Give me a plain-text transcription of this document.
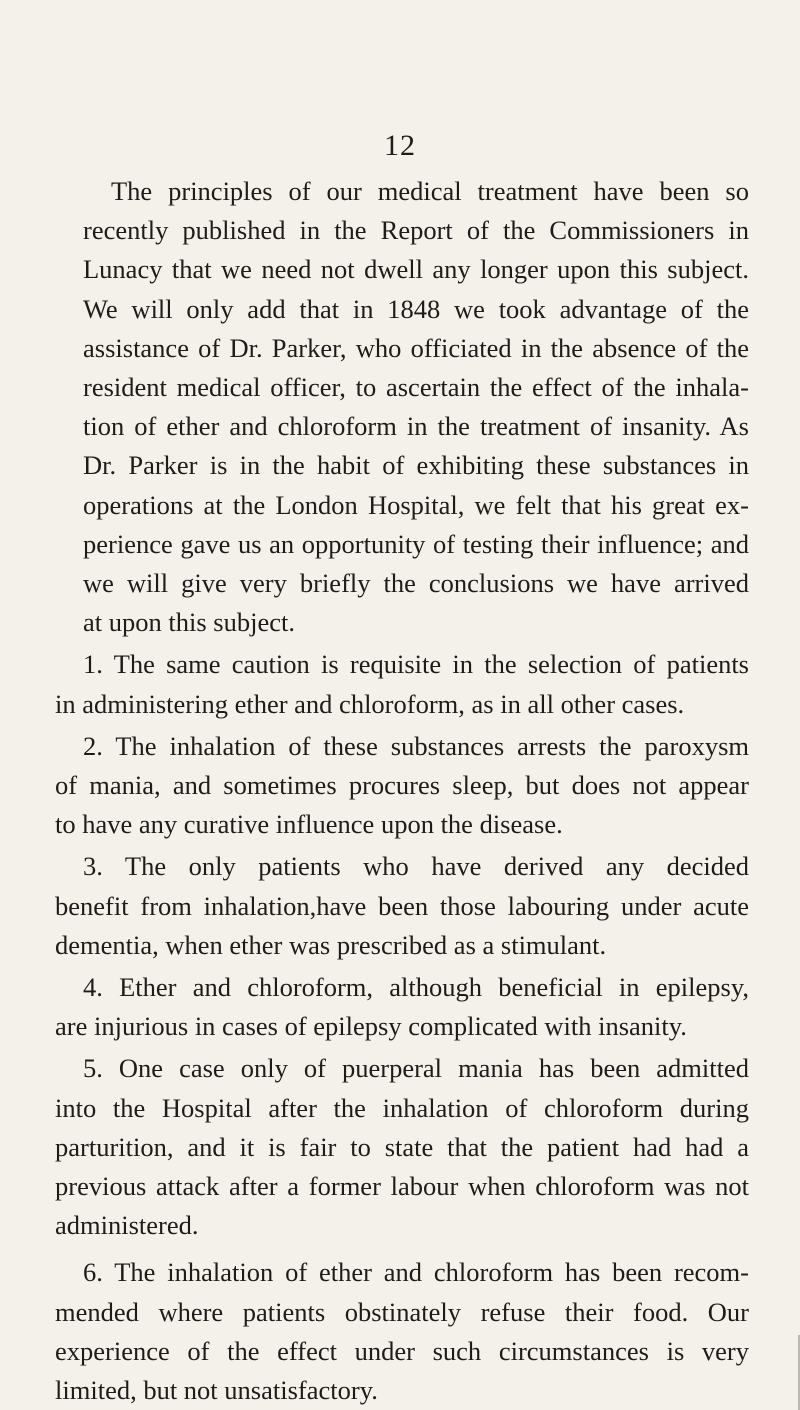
12
The principles of our medical treatment have been so
recently published in the Report of the Commissioners in
Lunacy that we need not dwell any longer upon this subject.
We will only add that in 1848 we took advantage of the
assistance of Dr. Parker, who officiated in the absence of the
resident medical officer, to ascertain the effect of the inhala-
tion of ether and chloroform in the treatment of insanity. As
Dr. Parker is in the habit of exhibiting these substances in
operations at the London Hospital, we felt that his great ex-
perience gave us an opportunity of testing their influence; and
we will give very briefly the conclusions we have arrived
at upon this subject.
1. The same caution is requisite in the selection of patients
in administering ether and chloroform, as in all other cases.
2. The inhalation of these substances arrests the paroxysm
of mania, and sometimes procures sleep, but does not appear
to have any curative influence upon the disease.
3. The only patients who have derived any decided
benefit from inhalation,have been those labouring under acute
dementia, when ether was prescribed as a stimulant.
4. Ether and chloroform, although beneficial in epilepsy,
are injurious in cases of epilepsy complicated with insanity.
5. One case only of puerperal mania has been admitted
into the Hospital after the inhalation of chloroform during
parturition, and it is fair to state that the patient had had a
previous attack after a former labour when chloroform was not
administered.
6. The inhalation of ether and chloroform has been recom-
mended where patients obstinately refuse their food. Our
experience of the effect under such circumstances is very
limited, but not unsatisfactory.
